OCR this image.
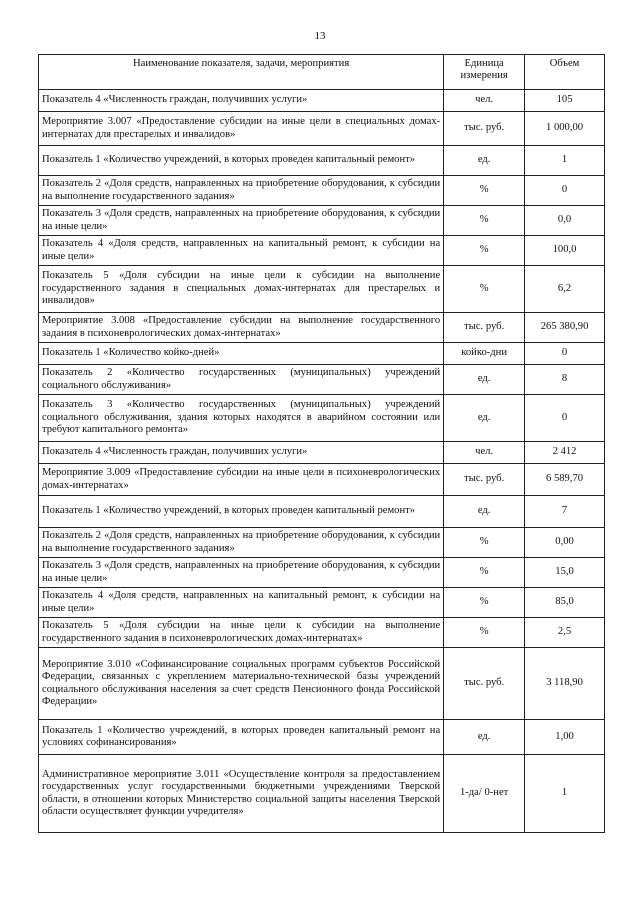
13
Наименование показателя, задачи, мероприятия	Единица измерения	Объем
Показатель 4 «Численность граждан, получивших услуги»	чел.	105
Мероприятие 3.007 «Предоставление субсидии на иные цели в специальных домах-интернатах для престарелых и инвалидов»	тыс. руб.	1 000,00
Показатель 1 «Количество учреждений, в которых проведен капитальный ремонт»	ед.	1
Показатель 2 «Доля средств, направленных на приобретение оборудования, к субсидии на выполнение государственного задания»	%	0
Показатель 3 «Доля средств, направленных на приобретение оборудования, к субсидии на иные цели»	%	0,0
Показатель 4 «Доля средств, направленных на капитальный ремонт, к субсидии на иные цели»	%	100,0
Показатель 5 «Доля субсидии на иные цели к субсидии на выполнение государственного задания в специальных домах-интернатах для престарелых и инвалидов»	%	6,2
Мероприятие 3.008 «Предоставление субсидии на выполнение государственного задания в психоневрологических домах-интернатах»	тыс. руб.	265 380,90
Показатель 1 «Количество койко-дней»	койко-дни	0
Показатель 2 «Количество государственных (муниципальных) учреждений социального обслуживания»	ед.	8
Показатель 3 «Количество государственных (муниципальных) учреждений социального обслуживания, здания которых находятся в аварийном состоянии или требуют капитального ремонта»	ед.	0
Показатель 4 «Численность граждан, получивших услуги»	чел.	2 412
Мероприятие 3.009 «Предоставление субсидии на иные цели в психоневрологических домах-интернатах»	тыс. руб.	6 589,70
Показатель 1 «Количество учреждений, в которых проведен капитальный ремонт»	ед.	7
Показатель 2 «Доля средств, направленных на приобретение оборудования, к субсидии на выполнение государственного задания»	%	0,00
Показатель 3 «Доля средств, направленных на приобретение оборудования, к субсидии на иные цели»	%	15,0
Показатель 4 «Доля средств, направленных на капитальный ремонт, к субсидии на иные цели»	%	85,0
Показатель 5 «Доля субсидии на иные цели к субсидии на выполнение государственного задания в психоневрологических домах-интернатах»	%	2,5
Мероприятие 3.010 «Софинансирование социальных программ субъектов Российской Федерации, связанных с укреплением материально-технической базы учреждений социального обслуживания населения за счет средств Пенсионного фонда Российской Федерации»	тыс. руб.	3 118,90
Показатель 1 «Количество учреждений, в которых проведен капитальный ремонт на условиях софинансирования»	ед.	1,00
Административное мероприятие 3.011 «Осуществление контроля за предоставлением государственных услуг государственными бюджетными учреждениями Тверской области, в отношении которых Министерство социальной защиты населения Тверской области осуществляет функции учредителя»	1-да/ 0-нет	1
